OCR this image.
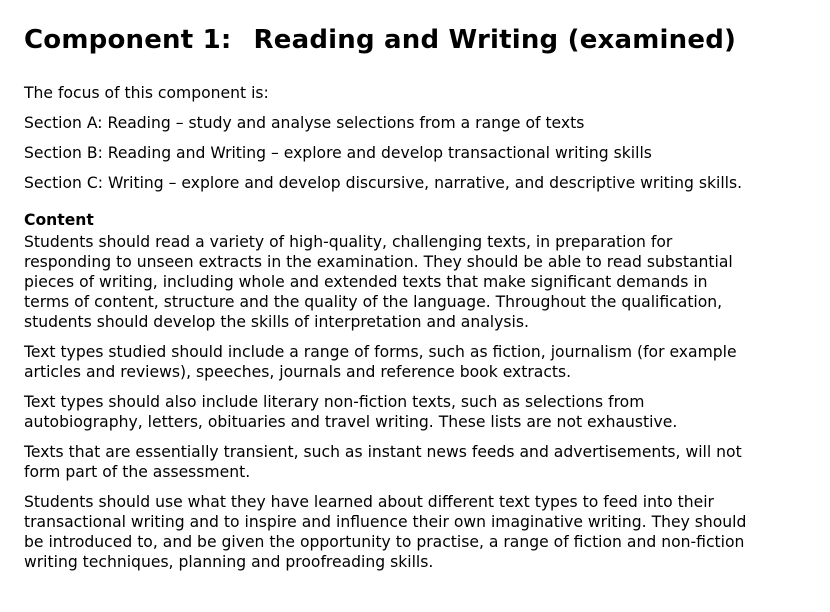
Component 1: Reading and Writing (examined)
The focus of this component is:
Section A: Reading – study and analyse selections from a range of texts
Section B: Reading and Writing – explore and develop transactional writing skills
Section C: Writing – explore and develop discursive, narrative, and descriptive writing skills.
Content
Students should read a variety of high-quality, challenging texts, in preparation for
responding to unseen extracts in the examination. They should be able to read substantial
pieces of writing, including whole and extended texts that make significant demands in
terms of content, structure and the quality of the language. Throughout the qualification,
students should develop the skills of interpretation and analysis.
Text types studied should include a range of forms, such as fiction, journalism (for example
articles and reviews), speeches, journals and reference book extracts.
Text types should also include literary non-fiction texts, such as selections from
autobiography, letters, obituaries and travel writing. These lists are not exhaustive.
Texts that are essentially transient, such as instant news feeds and advertisements, will not
form part of the assessment.
Students should use what they have learned about different text types to feed into their
transactional writing and to inspire and influence their own imaginative writing. They should
be introduced to, and be given the opportunity to practise, a range of fiction and non-fiction
writing techniques, planning and proofreading skills.
